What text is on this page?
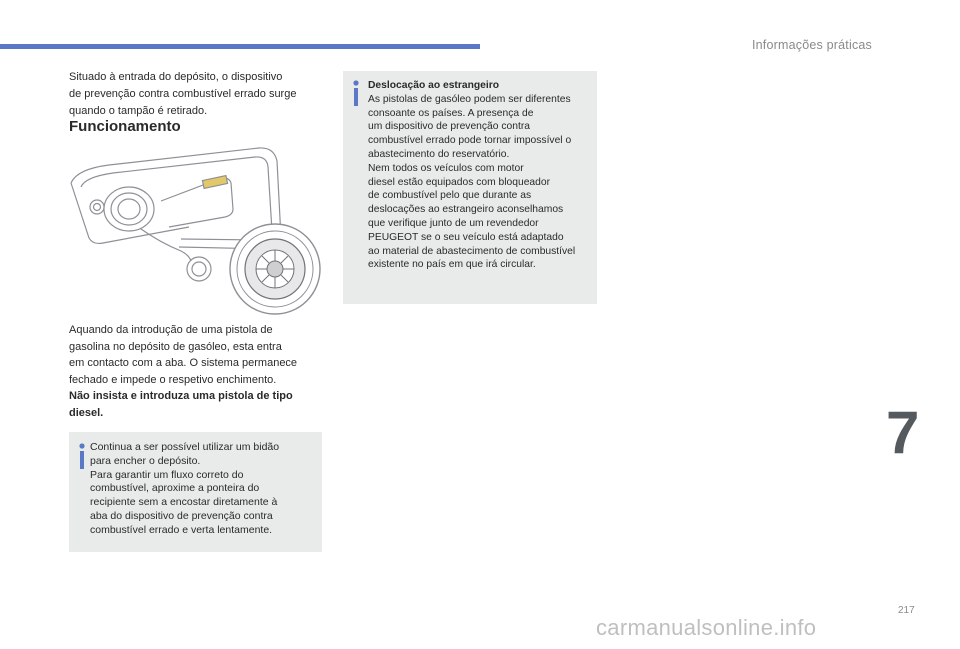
Informações práticas
Situado à entrada do depósito, o dispositivo
de prevenção contra combustível errado surge
quando o tampão é retirado.
Funcionamento
Aquando da introdução de uma pistola de
gasolina no depósito de gasóleo, esta entra
em contacto com a aba. O sistema permanece
fechado e impede o respetivo enchimento.
Não insista e introduza uma pistola de tipo
diesel.
Continua a ser possível utilizar um bidão
para encher o depósito.
Para garantir um fluxo correto do
combustível, aproxime a ponteira do
recipiente sem a encostar diretamente à
aba do dispositivo de prevenção contra
combustível errado e verta lentamente.
Deslocação ao estrangeiro
As pistolas de gasóleo podem ser diferentes
consoante os países. A presença de
um dispositivo de prevenção contra
combustível errado pode tornar impossível o
abastecimento do reservatório.
Nem todos os veículos com motor
diesel estão equipados com bloqueador
de combustível pelo que durante as
deslocações ao estrangeiro aconselhamos
que verifique junto de um revendedor
PEUGEOT se o seu veículo está adaptado
ao material de abastecimento de combustível
existente no país em que irá circular.
7
217
carmanualsonline.info
